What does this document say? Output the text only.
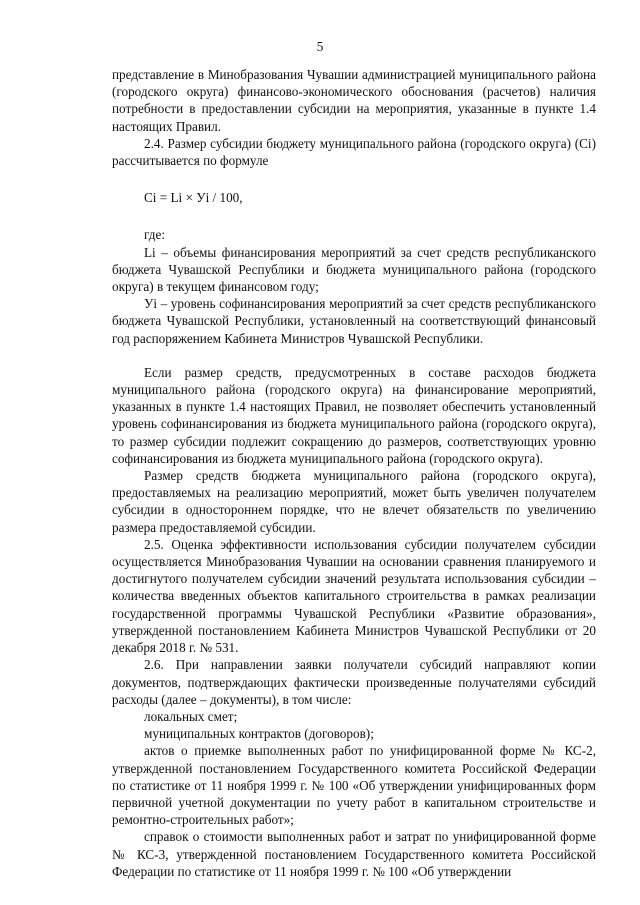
5

представление в Минобразования Чувашии администрацией муниципального района (городского округа) финансово-экономического обоснования (расчетов) наличия потребности в предоставлении субсидии на мероприятия, указанные в пункте 1.4 настоящих Правил.

2.4. Размер субсидии бюджету муниципального района (городского округа) (Сi) рассчитывается по формуле

Сi = Li × Уi / 100,

где:

Li – объемы финансирования мероприятий за счет средств республиканского бюджета Чувашской Республики и бюджета муниципального района (городского округа) в текущем финансовом году;

Уi – уровень софинансирования мероприятий за счет средств республиканского бюджета Чувашской Республики, установленный на соответствующий финансовый год распоряжением Кабинета Министров Чувашской Республики.

Если размер средств, предусмотренных в составе расходов бюджета муниципального района (городского округа) на финансирование мероприятий, указанных в пункте 1.4 настоящих Правил, не позволяет обеспечить установленный уровень софинансирования из бюджета муниципального района (городского округа), то размер субсидии подлежит сокращению до размеров, соответствующих уровню софинансирования из бюджета муниципального района (городского округа).

Размер средств бюджета муниципального района (городского округа), предоставляемых на реализацию мероприятий, может быть увеличен получателем субсидии в одностороннем порядке, что не влечет обязательств по увеличению размера предоставляемой субсидии.

2.5. Оценка эффективности использования субсидии получателем субсидии осуществляется Минобразования Чувашии на основании сравнения планируемого и достигнутого получателем субсидии значений результата использования субсидии – количества введенных объектов капитального строительства в рамках реализации государственной программы Чувашской Республики «Развитие образования», утвержденной постановлением Кабинета Министров Чувашской Республики от 20 декабря 2018 г. № 531.

2.6. При направлении заявки получатели субсидий направляют копии документов, подтверждающих фактически произведенные получателями субсидий расходы (далее – документы), в том числе:

локальных смет;

муниципальных контрактов (договоров);

актов о приемке выполненных работ по унифицированной форме № КС-2, утвержденной постановлением Государственного комитета Российской Федерации по статистике от 11 ноября 1999 г. № 100 «Об утверждении унифицированных форм первичной учетной документации по учету работ в капитальном строительстве и ремонтно-строительных работ»;

справок о стоимости выполненных работ и затрат по унифицированной форме № КС-3, утвержденной постановлением Государственного комитета Российской Федерации по статистике от 11 ноября 1999 г. № 100 «Об утверждении
